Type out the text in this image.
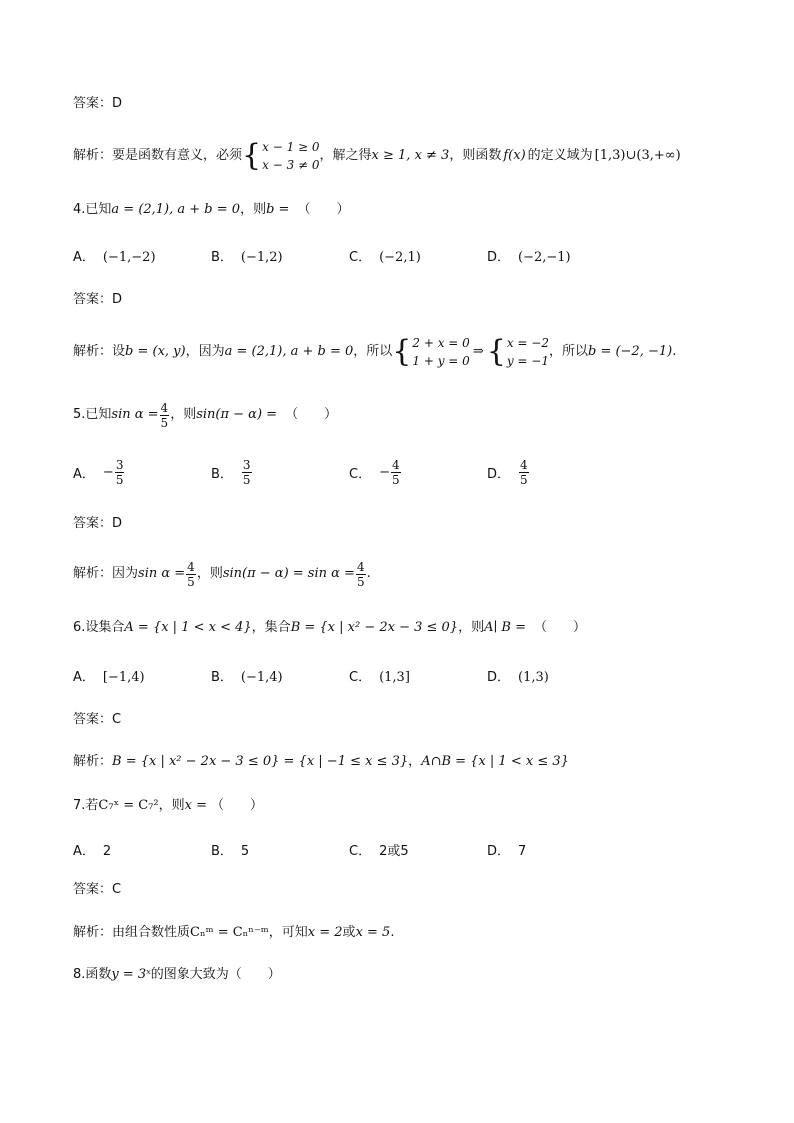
答案：D
解析： 要是函数有意义，必须 { x − 1 ≥ 0
x − 3 ≠ 0
，解之得 x ≥ 1, x ≠ 3 ，则函数 f(x) 的定义域为 [1,3)∪(3,+∞)
4.已知a = (2,1), a + b = 0，则b = （　　）
A． (−1,−2)	B． (−1,2)	C． (−2,1)	D． (−2,−1)
答案：D
解析： 设 b = (x, y) ，因为 a = (2,1), a + b = 0 ，所以 { 2 + x = 0
1 + y = 0
⇒ { x = −2
y = −1
，所以 b = (−2, −1) .
5.已知 $\sin \alpha = \frac{4}{5}$ ，则 sin(π − α) = （　　）
A． − $\frac{3}{5}$	B． $\frac{3}{5}$	C． − $\frac{4}{5}$	D． $\frac{4}{5}$
答案：D
解析： 因为 $\sin \alpha = \frac{4}{5}$ ，则 $\sin(\pi - \alpha) = \sin \alpha = \frac{4}{5}$ .
6.设集合A = {x | 1 < x < 4}，集合B = {x | x² − 2x − 3 ≤ 0}，则A∣ B = （　　）
A． [−1,4)	B． (−1,4)	C． (1,3]	D． (1,3)
答案：C
解析：B = {x | x² − 2x − 3 ≤ 0} = {x | −1 ≤ x ≤ 3}，A∩B = {x | 1 < x ≤ 3}
7.若C₇ˣ = C₇²，则x = （　　）
A． 2	B． 5	C． 2或5	D． 7
答案：C
解析：由组合数性质Cₙᵐ = Cₙⁿ⁻ᵐ，可知x = 2或x = 5.
8.函数y = 3ˣ的图象大致为（　　）
